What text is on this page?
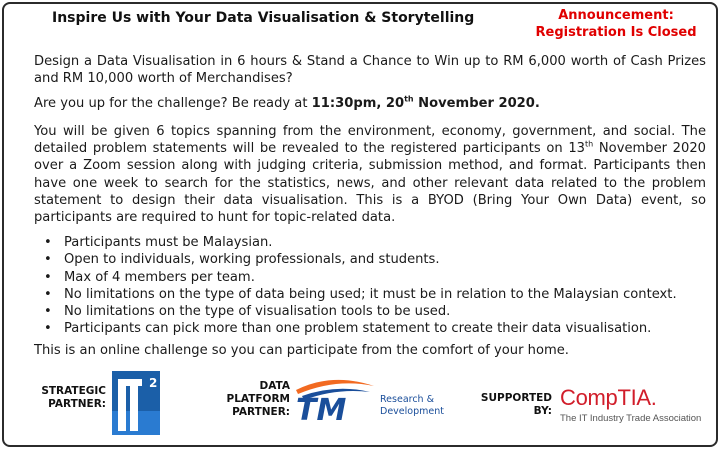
Inspire Us with Your Data Visualisation & Storytelling	Announcement:
Registration Is Closed
Design a Data Visualisation in 6 hours & Stand a Chance to Win up to RM 6,000 worth of Cash Prizes and RM 10,000 worth of Merchandises?
Are you up for the challenge? Be ready at 11:30pm, 20th November 2020.
You will be given 6 topics spanning from the environment, economy, government, and social. The detailed problem statements will be revealed to the registered participants on 13th November 2020 over a Zoom session along with judging criteria, submission method, and format. Participants then have one week to search for the statistics, news, and other relevant data related to the problem statement to design their data visualisation. This is a BYOD (Bring Your Own Data) event, so participants are required to hunt for topic-related data.
• Participants must be Malaysian.
• Open to individuals, working professionals, and students.
• Max of 4 members per team.
• No limitations on the type of data being used; it must be in relation to the Malaysian context.
• No limitations on the type of visualisation tools to be used.
• Participants can pick more than one problem statement to create their data visualisation.
This is an online challenge so you can participate from the comfort of your home.
STRATEGIC
PARTNER:
2	DATA
PLATFORM
PARTNER: TM	Research &
Development
SUPPORTED
BY:
CompTIA.
The IT Industry Trade Association
